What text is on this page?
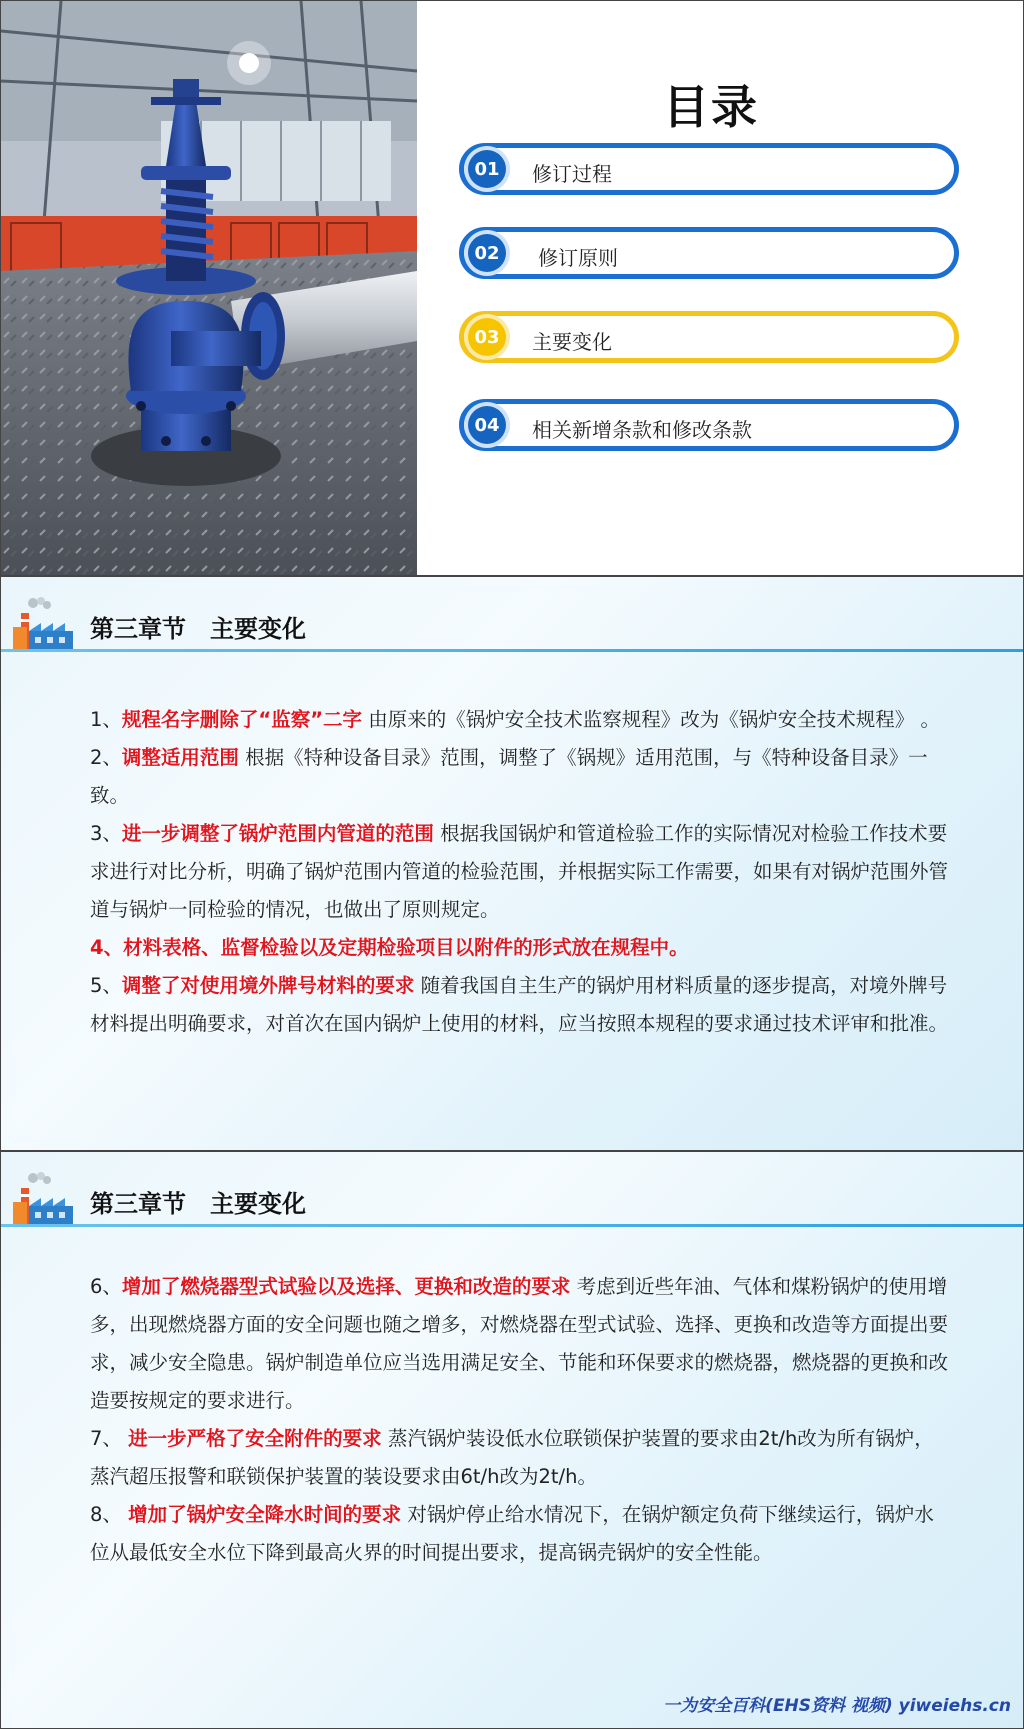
目录
01	修订过程
02	修订原则
03	主要变化
04	相关新增条款和修改条款
第三章节 主要变化

1、规程名字删除了“监察”二字 由原来的《锅炉安全技术监察规程》改为《锅炉安全技术规程》 。

2、调整适用范围 根据《特种设备目录》范围，调整了《锅规》适用范围，与《特种设备目录》一致。

3、进一步调整了锅炉范围内管道的范围 根据我国锅炉和管道检验工作的实际情况对检验工作技术要求进行对比分析，明确了锅炉范围内管道的检验范围，并根据实际工作需要，如果有对锅炉范围外管道与锅炉一同检验的情况，也做出了原则规定。

4、材料表格、监督检验以及定期检验项目以附件的形式放在规程中。

5、调整了对使用境外牌号材料的要求 随着我国自主生产的锅炉用材料质量的逐步提高，对境外牌号材料提出明确要求，对首次在国内锅炉上使用的材料，应当按照本规程的要求通过技术评审和批准。

第三章节 主要变化

6、增加了燃烧器型式试验以及选择、更换和改造的要求 考虑到近些年油、气体和煤粉锅炉的使用增多，出现燃烧器方面的安全问题也随之增多，对燃烧器在型式试验、选择、更换和改造等方面提出要求，减少安全隐患。锅炉制造单位应当选用满足安全、节能和环保要求的燃烧器，燃烧器的更换和改造要按规定的要求进行。

7、 进一步严格了安全附件的要求 蒸汽锅炉装设低水位联锁保护装置的要求由2t/h改为所有锅炉，蒸汽超压报警和联锁保护装置的装设要求由6t/h改为2t/h。

8、 增加了锅炉安全降水时间的要求 对锅炉停止给水情况下，在锅炉额定负荷下继续运行，锅炉水位从最低安全水位下降到最高火界的时间提出要求，提高锅壳锅炉的安全性能。

一为安全百科(EHS资料 视频) yiweiehs.cn
